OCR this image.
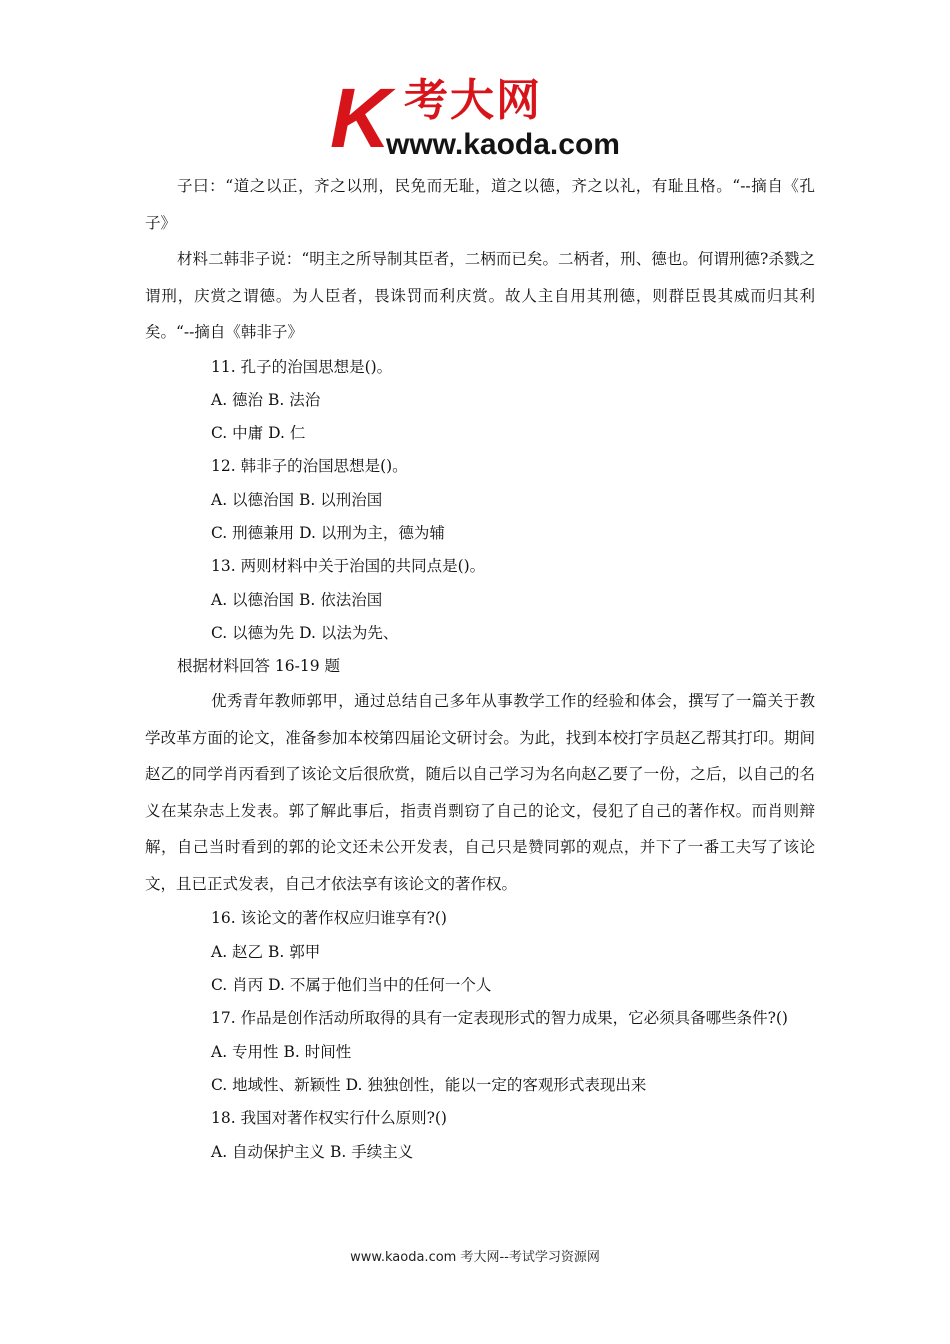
K 考大网
www.kaoda.com

子曰：“道之以正，齐之以刑，民免而无耻，道之以德，齐之以礼，有耻且格。“--摘自《孔子》

材料二韩非子说：“明主之所导制其臣者，二柄而已矣。二柄者，刑、德也。何谓刑德?杀戮之谓刑，庆赏之谓德。为人臣者，畏诛罚而利庆赏。故人主自用其刑德，则群臣畏其威而归其利矣。“--摘自《韩非子》

11. 孔子的治国思想是()。

A. 德治 B. 法治

C. 中庸 D. 仁

12. 韩非子的治国思想是()。

A. 以德治国 B. 以刑治国

C. 刑德兼用 D. 以刑为主，德为辅

13. 两则材料中关于治国的共同点是()。

A. 以德治国 B. 依法治国

C. 以德为先 D. 以法为先、

根据材料回答 16-19 题

优秀青年教师郭甲，通过总结自己多年从事教学工作的经验和体会，撰写了一篇关于教学改革方面的论文，准备参加本校第四届论文研讨会。为此，找到本校打字员赵乙帮其打印。期间赵乙的同学肖丙看到了该论文后很欣赏，随后以自己学习为名向赵乙要了一份，之后，以自己的名义在某杂志上发表。郭了解此事后，指责肖剽窃了自己的论文，侵犯了自己的著作权。而肖则辩解，自己当时看到的郭的论文还未公开发表，自己只是赞同郭的观点，并下了一番工夫写了该论文，且已正式发表，自己才依法享有该论文的著作权。

16. 该论文的著作权应归谁享有?()

A. 赵乙 B. 郭甲

C. 肖丙 D. 不属于他们当中的任何一个人

17. 作品是创作活动所取得的具有一定表现形式的智力成果，它必须具备哪些条件?()

A. 专用性 B. 时间性

C. 地域性、新颖性 D. 独独创性，能以一定的客观形式表现出来

18. 我国对著作权实行什么原则?()

A. 自动保护主义 B. 手续主义

www.kaoda.com 考大网--考试学习资源网
